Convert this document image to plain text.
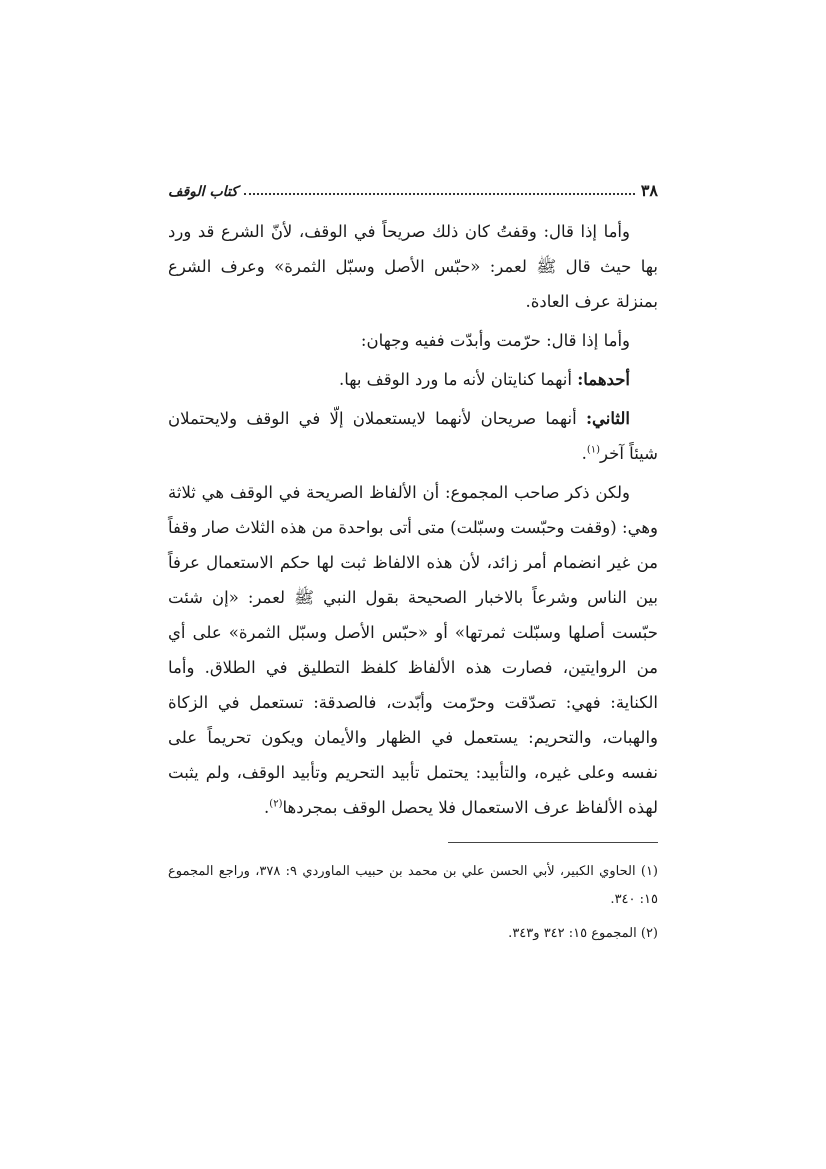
٣٨
كتاب الوقف

وأما إذا قال: وقفتُ كان ذلك صريحاً في الوقف، لأنّ الشرع قد ورد بها حيث قال ﷺ لعمر: «حبّس الأصل وسبّل الثمرة» وعرف الشرع بمنزلة عرف العادة.

وأما إذا قال: حرّمت وأبدّت ففيه وجهان:

أحدهما: أنهما كنايتان لأنه ما ورد الوقف بها.

الثاني: أنهما صريحان لأنهما لايستعملان إلّا في الوقف ولايحتملان شيئاً آخر$^{(١)}$.

ولكن ذكر صاحب المجموع: أن الألفاظ الصريحة في الوقف هي ثلاثة وهي: (وقفت وحبّست وسبّلت) متى أتى بواحدة من هذه الثلاث صار وقفاً من غير انضمام أمر زائد، لأن هذه الالفاظ ثبت لها حكم الاستعمال عرفاً بين الناس وشرعاً بالاخبار الصحيحة بقول النبي ﷺ لعمر: «إن شئت حبّست أصلها وسبّلت ثمرتها» أو «حبّس الأصل وسبّل الثمرة» على أي من الروايتين، فصارت هذه الألفاظ كلفظ التطليق في الطلاق. وأما الكناية: فهي: تصدّقت وحرّمت وأبّدت، فالصدقة: تستعمل في الزكاة والهبات، والتحريم: يستعمل في الظهار والأيمان ويكون تحريماً على نفسه وعلى غيره، والتأبيد: يحتمل تأبيد التحريم وتأبيد الوقف، ولم يثبت لهذه الألفاظ عرف الاستعمال فلا يحصل الوقف بمجردها$^{(٢)}$.

(١) الحاوي الكبير، لأبي الحسن علي بن محمد بن حبيب الماوردي ٩: ٣٧٨، وراجع المجموع ١٥: ٣٤٠.

(٢) المجموع ١٥: ٣٤٢ و٣٤٣.
